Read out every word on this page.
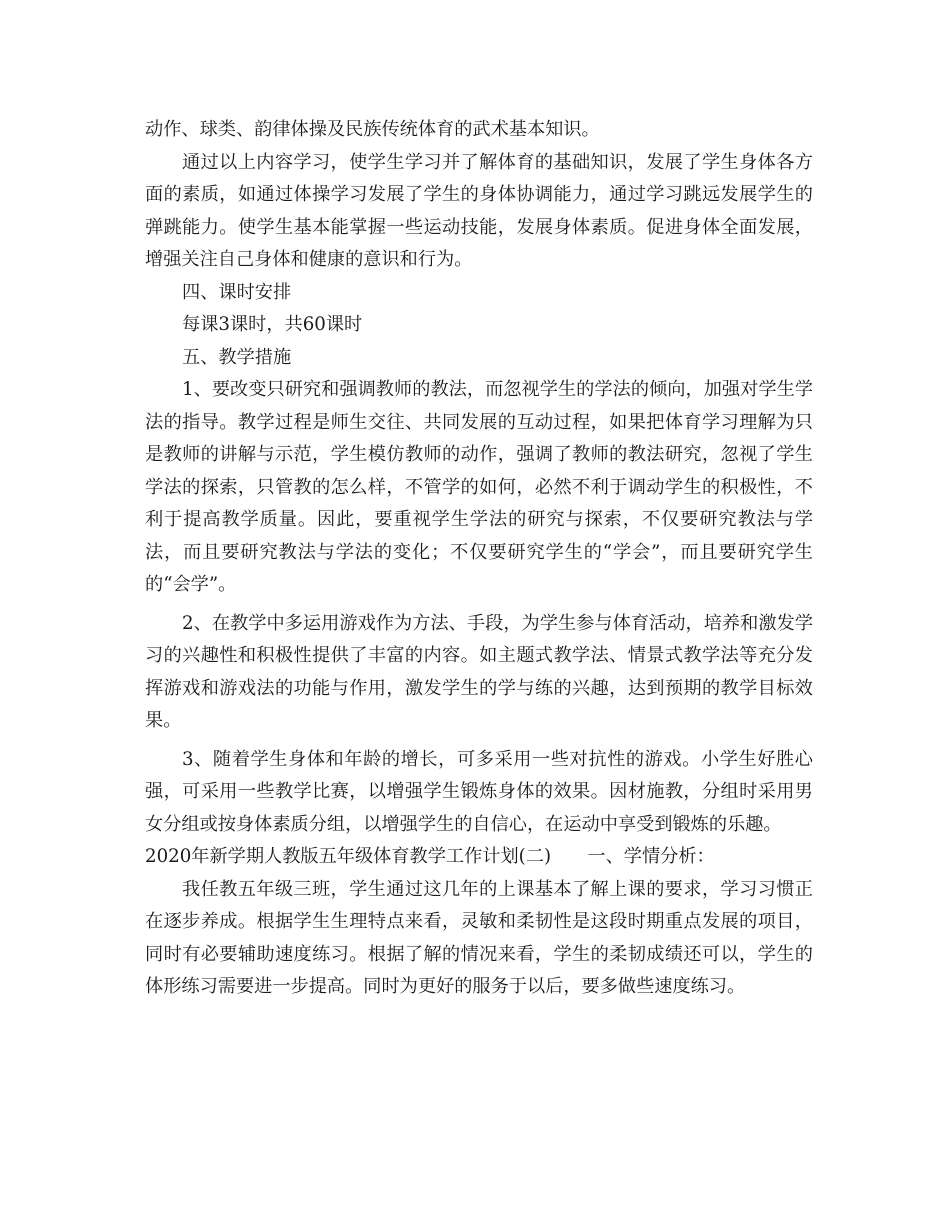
动作、球类、韵律体操及民族传统体育的武术基本知识。

通过以上内容学习，使学生学习并了解体育的基础知识，发展了学生身体各方面的素质，如通过体操学习发展了学生的身体协调能力，通过学习跳远发展学生的弹跳能力。使学生基本能掌握一些运动技能，发展身体素质。促进身体全面发展，增强关注自己身体和健康的意识和行为。

四、课时安排

每课3课时，共60课时

五、教学措施

1、要改变只研究和强调教师的教法，而忽视学生的学法的倾向，加强对学生学法的指导。教学过程是师生交往、共同发展的互动过程，如果把体育学习理解为只是教师的讲解与示范，学生模仿教师的动作，强调了教师的教法研究，忽视了学生学法的探索，只管教的怎么样，不管学的如何，必然不利于调动学生的积极性，不利于提高教学质量。因此，要重视学生学法的研究与探索，不仅要研究教法与学法，而且要研究教法与学法的变化；不仅要研究学生的“学会”，而且要研究学生的“会学”。

2、在教学中多运用游戏作为方法、手段，为学生参与体育活动，培养和激发学习的兴趣性和积极性提供了丰富的内容。如主题式教学法、情景式教学法等充分发挥游戏和游戏法的功能与作用，激发学生的学与练的兴趣，达到预期的教学目标效果。

3、随着学生身体和年龄的增长，可多采用一些对抗性的游戏。小学生好胜心强，可采用一些教学比赛，以增强学生锻炼身体的效果。因材施教，分组时采用男女分组或按身体素质分组，以增强学生的自信心，在运动中享受到锻炼的乐趣。

2020年新学期人教版五年级体育教学工作计划(二)　　一、学情分析：

我任教五年级三班，学生通过这几年的上课基本了解上课的要求，学习习惯正在逐步养成。根据学生生理特点来看，灵敏和柔韧性是这段时期重点发展的项目，同时有必要辅助速度练习。根据了解的情况来看，学生的柔韧成绩还可以，学生的体形练习需要进一步提高。同时为更好的服务于以后，要多做些速度练习。
